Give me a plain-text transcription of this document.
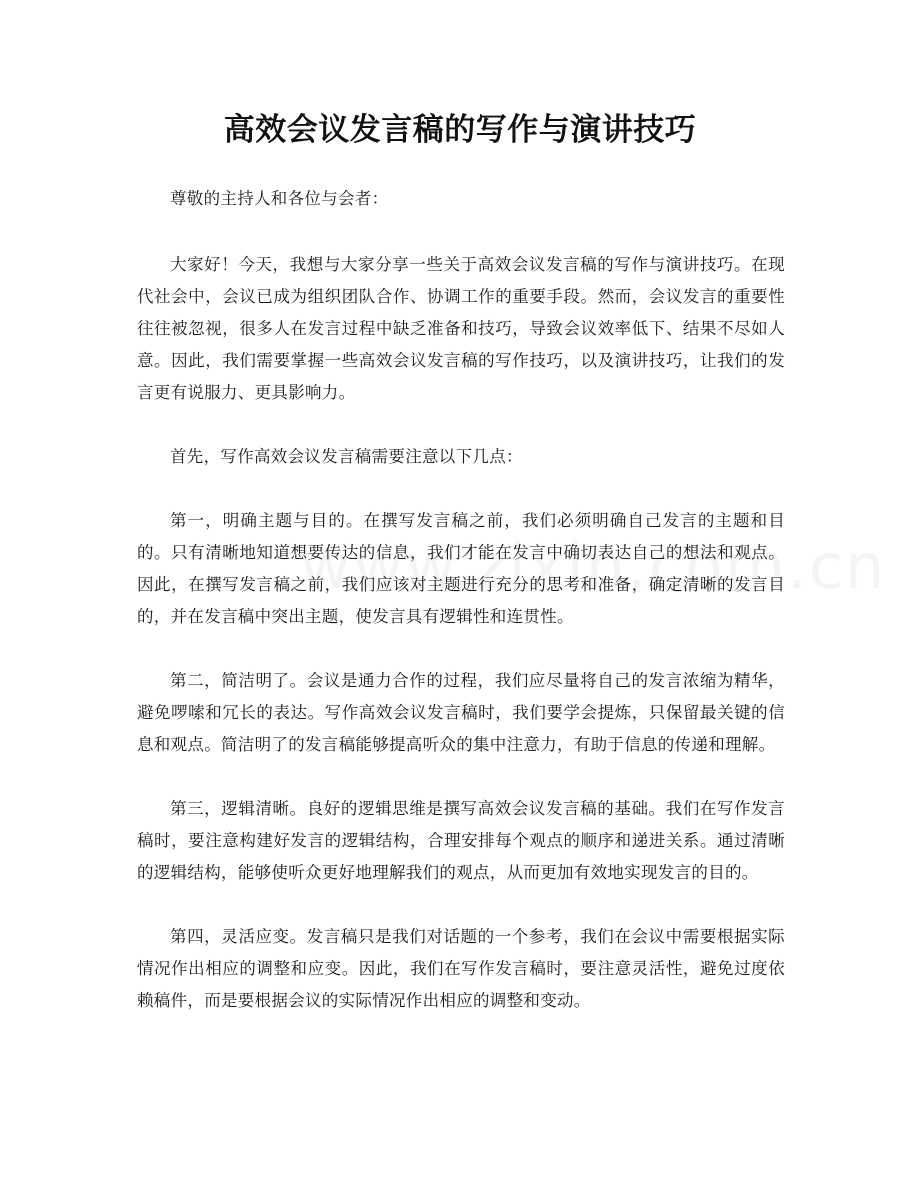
高效会议发言稿的写作与演讲技巧

尊敬的主持人和各位与会者：

大家好！今天，我想与大家分享一些关于高效会议发言稿的写作与演讲技巧。在现代社会中，会议已成为组织团队合作、协调工作的重要手段。然而，会议发言的重要性往往被忽视，很多人在发言过程中缺乏准备和技巧，导致会议效率低下、结果不尽如人意。因此，我们需要掌握一些高效会议发言稿的写作技巧，以及演讲技巧，让我们的发言更有说服力、更具影响力。

首先，写作高效会议发言稿需要注意以下几点：

第一，明确主题与目的。在撰写发言稿之前，我们必须明确自己发言的主题和目的。只有清晰地知道想要传达的信息，我们才能在发言中确切表达自己的想法和观点。因此，在撰写发言稿之前，我们应该对主题进行充分的思考和准备，确定清晰的发言目的，并在发言稿中突出主题，使发言具有逻辑性和连贯性。

第二，简洁明了。会议是通力合作的过程，我们应尽量将自己的发言浓缩为精华，避免啰嗦和冗长的表达。写作高效会议发言稿时，我们要学会提炼，只保留最关键的信息和观点。简洁明了的发言稿能够提高听众的集中注意力，有助于信息的传递和理解。

第三，逻辑清晰。良好的逻辑思维是撰写高效会议发言稿的基础。我们在写作发言稿时，要注意构建好发言的逻辑结构，合理安排每个观点的顺序和递进关系。通过清晰的逻辑结构，能够使听众更好地理解我们的观点，从而更加有效地实现发言的目的。

第四，灵活应变。发言稿只是我们对话题的一个参考，我们在会议中需要根据实际情况作出相应的调整和应变。因此，我们在写作发言稿时，要注意灵活性，避免过度依赖稿件，而是要根据会议的实际情况作出相应的调整和变动。
